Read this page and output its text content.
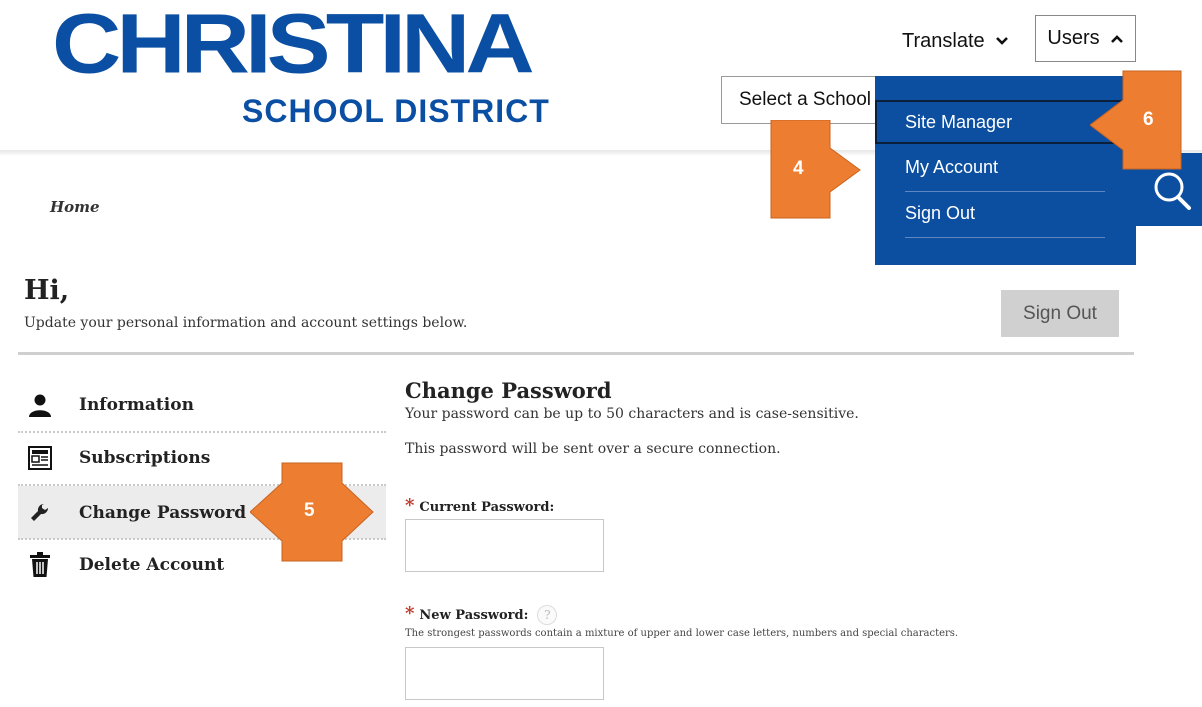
CHRISTINA
SCHOOL DISTRICT
Translate	Users
Select a School
Site Manager
My Account
Sign Out
Home
Hi,
Update your personal information and account settings below.	Sign Out
Information
Subscriptions
Change Password
Delete Account
Change Password
Your password can be up to 50 characters and is case-sensitive.
This password will be sent over a secure connection.
* Current Password:
* New Password:	?
The strongest passwords contain a mixture of upper and lower case letters, numbers and special characters.
4
5
6
